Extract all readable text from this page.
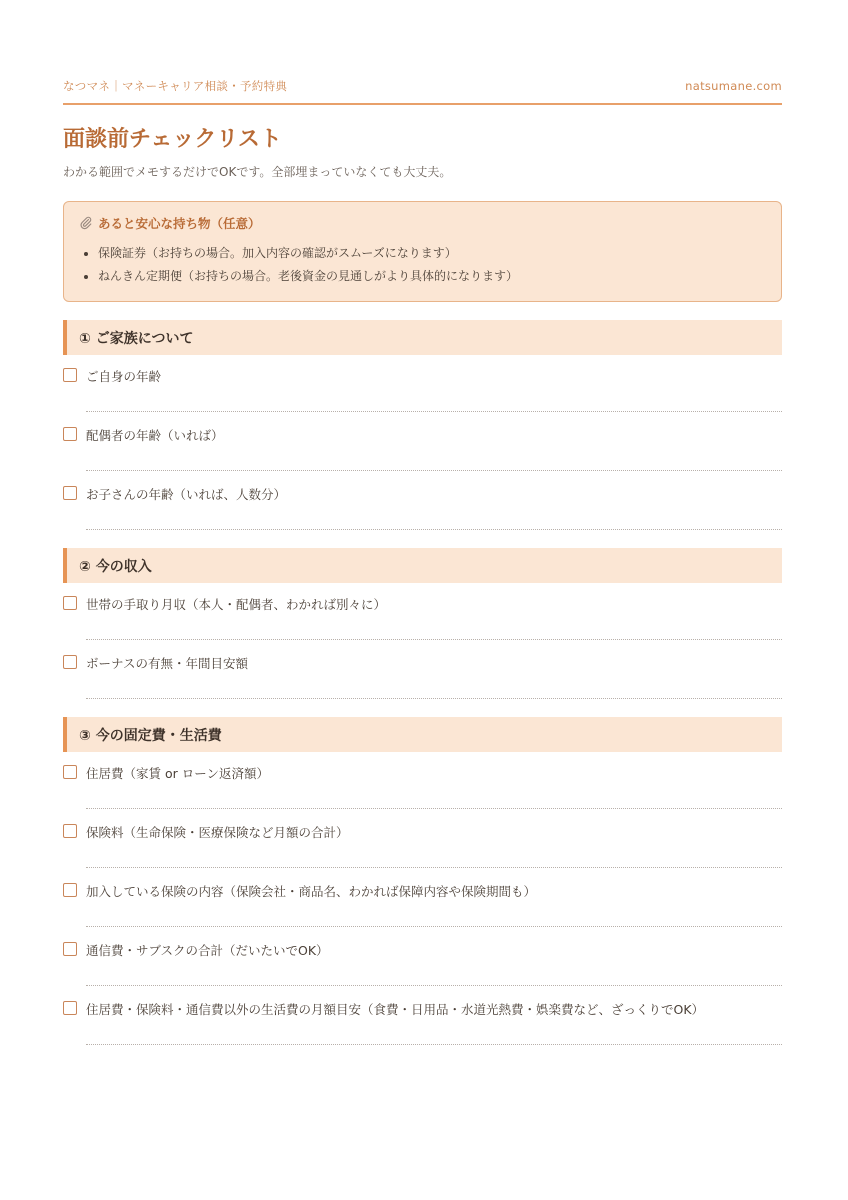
なつマネ｜マネーキャリア相談・予約特典	natsumane.com
面談前チェックリスト
わかる範囲でメモするだけでOKです。全部埋まっていなくても大丈夫。
あると安心な持ち物（任意）
• 保険証券（お持ちの場合。加入内容の確認がスムーズになります）
• ねんきん定期便（お持ちの場合。老後資金の見通しがより具体的になります）
① ご家族について
ご自身の年齢
配偶者の年齢（いれば）
お子さんの年齢（いれば、人数分）
② 今の収入
世帯の手取り月収（本人・配偶者、わかれば別々に）
ボーナスの有無・年間目安額
③ 今の固定費・生活費
住居費（家賃 or ローン返済額）
保険料（生命保険・医療保険など月額の合計）
加入している保険の内容（保険会社・商品名、わかれば保障内容や保険期間も）
通信費・サブスクの合計（だいたいでOK）
住居費・保険料・通信費以外の生活費の月額目安（食費・日用品・水道光熱費・娯楽費など、ざっくりでOK）
